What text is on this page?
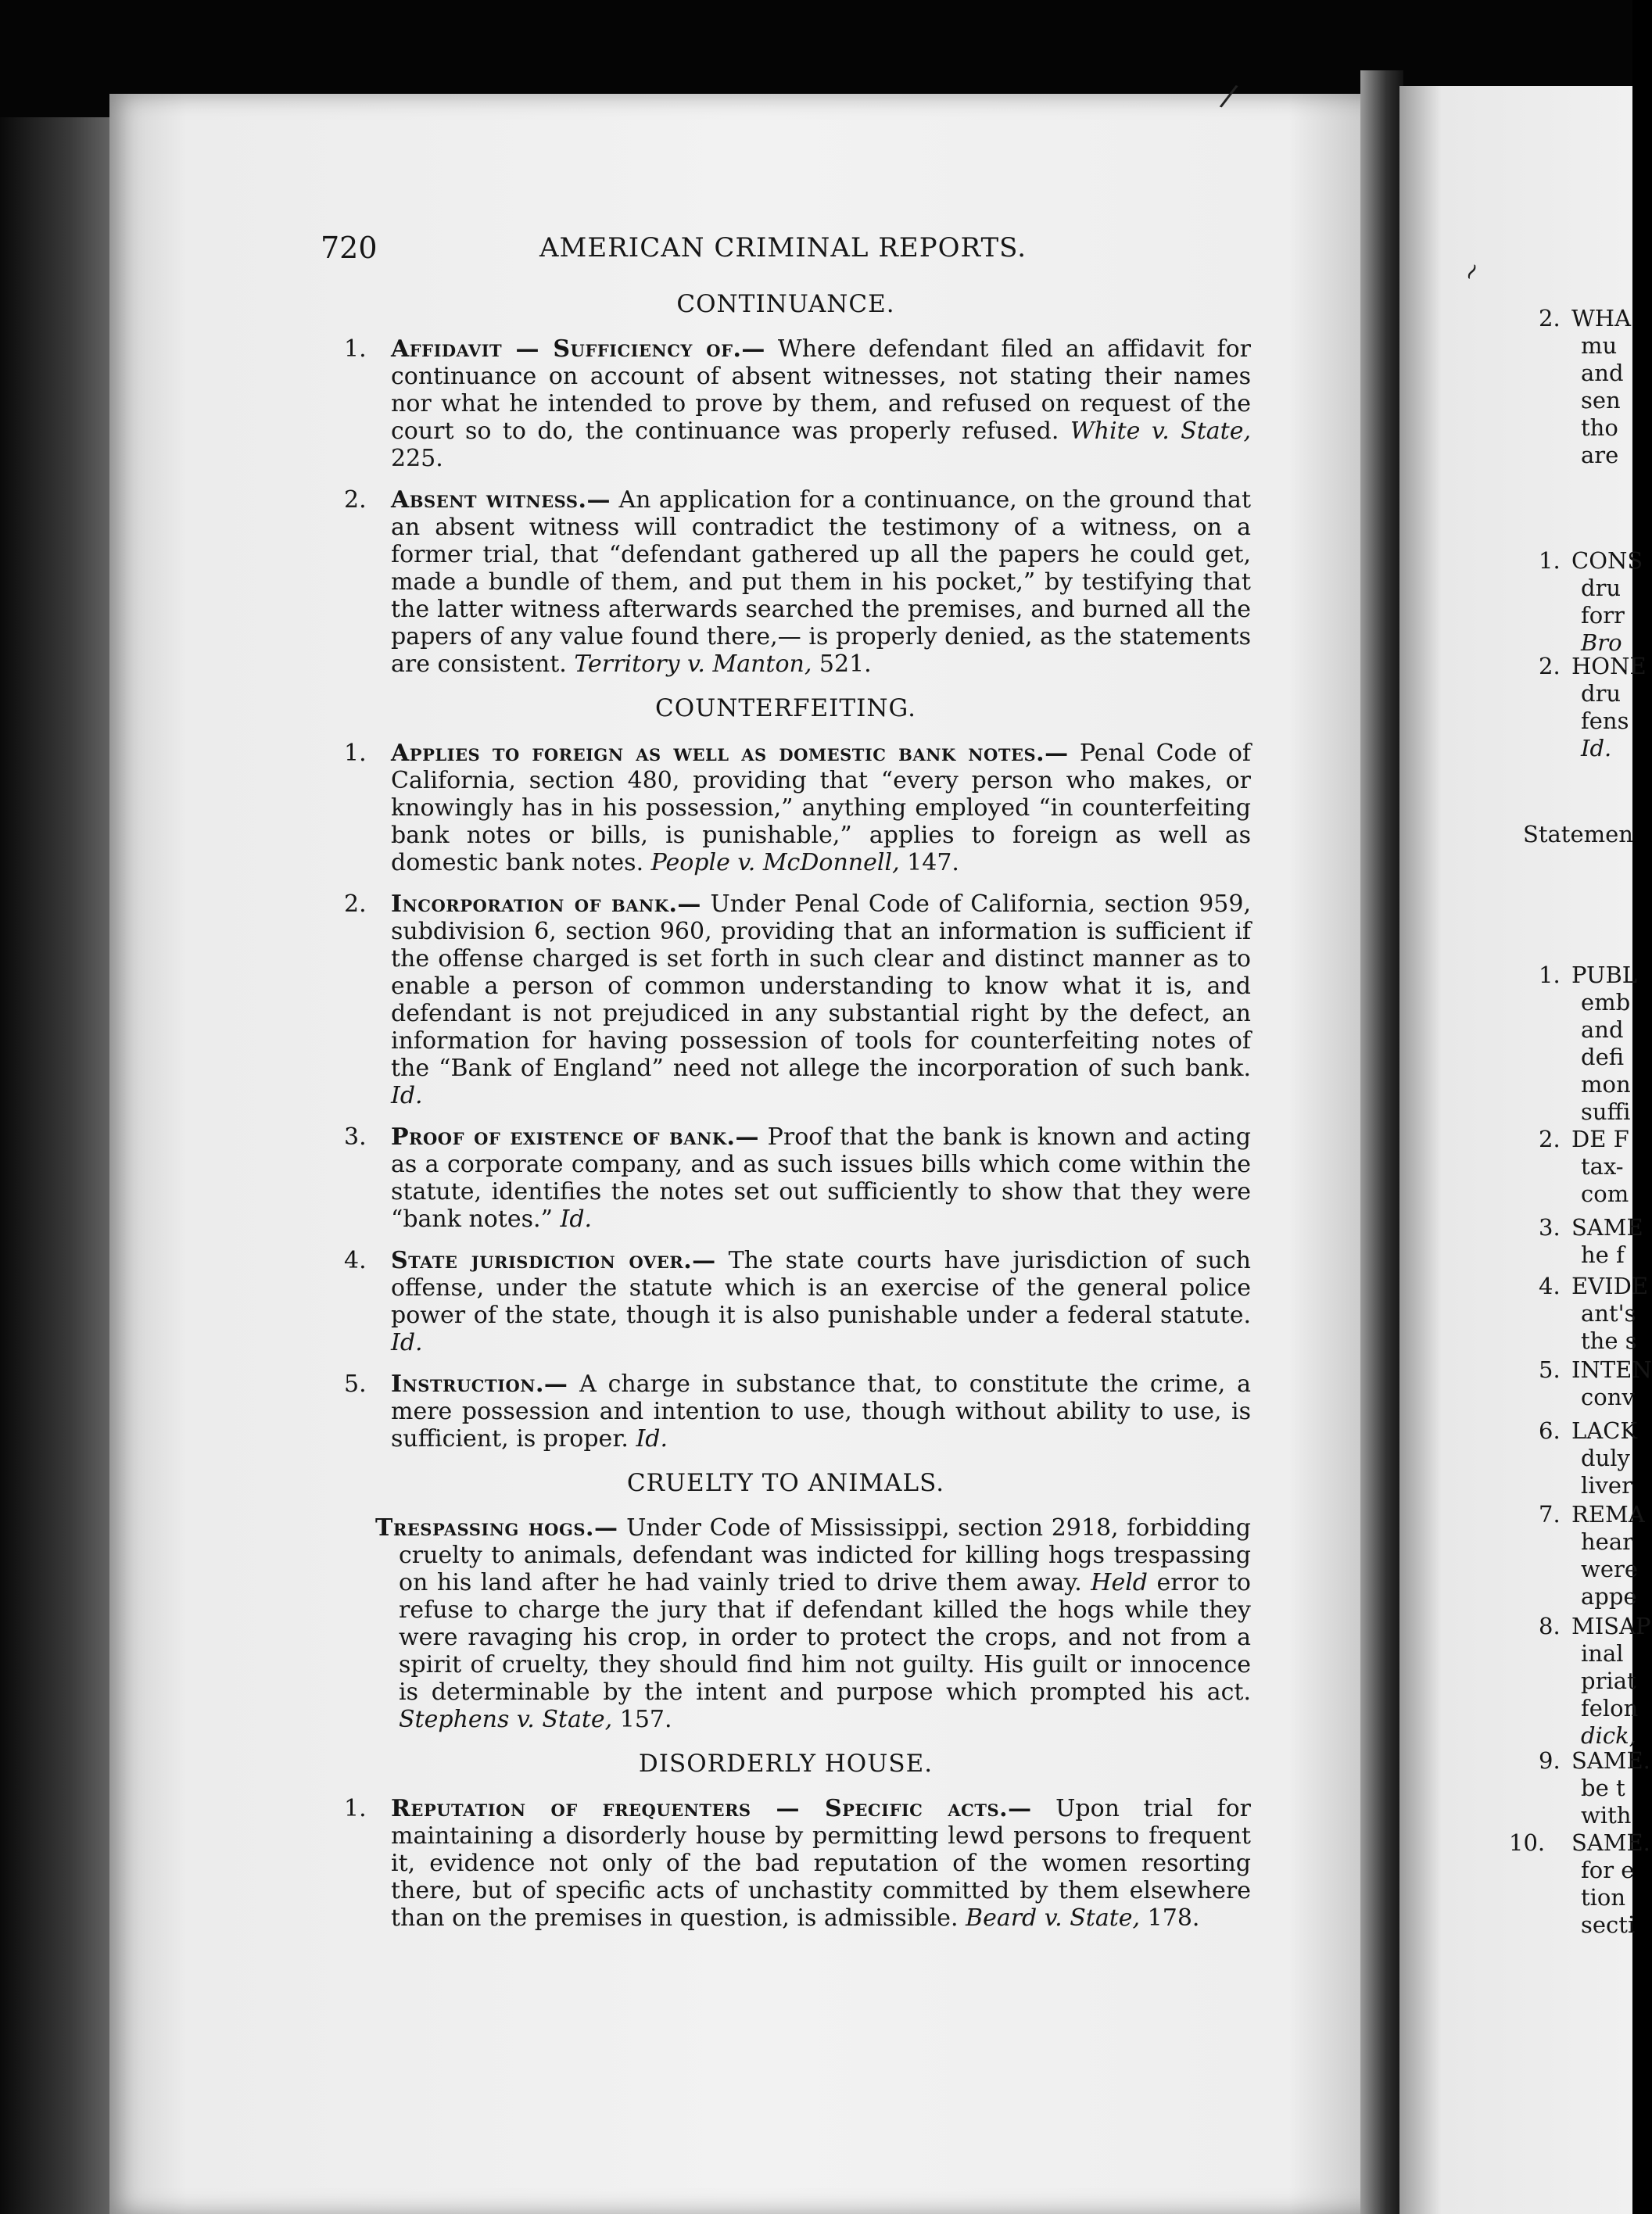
/
~
720	AMERICAN CRIMINAL REPORTS.
CONTINUANCE.
1. Affidavit — Sufficiency of.— Where defendant filed an affidavit for continuance on account of absent witnesses, not stating their names nor what he intended to prove by them, and refused on request of the court so to do, the continuance was properly refused. White v. State, 225.
2. Absent witness.— An application for a continuance, on the ground that an absent witness will contradict the testimony of a witness, on a former trial, that “defendant gathered up all the papers he could get, made a bundle of them, and put them in his pocket,” by testifying that the latter witness afterwards searched the premises, and burned all the papers of any value found there,— is properly denied, as the statements are consistent. Territory v. Manton, 521.
COUNTERFEITING.
1. Applies to foreign as well as domestic bank notes.— Penal Code of California, section 480, providing that “every person who makes, or knowingly has in his possession,” anything employed “in counterfeiting bank notes or bills, is punishable,” applies to foreign as well as domestic bank notes. People v. McDonnell, 147.
2. Incorporation of bank.— Under Penal Code of California, section 959, subdivision 6, section 960, providing that an information is sufficient if the offense charged is set forth in such clear and distinct manner as to enable a person of common understanding to know what it is, and defendant is not prejudiced in any substantial right by the defect, an information for having possession of tools for counterfeiting notes of the “Bank of England” need not allege the incorporation of such bank. Id.
3. Proof of existence of bank.— Proof that the bank is known and acting as a corporate company, and as such issues bills which come within the statute, identifies the notes set out sufficiently to show that they were “bank notes.” Id.
4. State jurisdiction over.— The state courts have jurisdiction of such offense, under the statute which is an exercise of the general police power of the state, though it is also punishable under a federal statute. Id.
5. Instruction.— A charge in substance that, to constitute the crime, a mere possession and intention to use, though without ability to use, is sufficient, is proper. Id.
CRUELTY TO ANIMALS.
Trespassing hogs.— Under Code of Mississippi, section 2918, forbidding cruelty to animals, defendant was indicted for killing hogs trespassing on his land after he had vainly tried to drive them away. Held error to refuse to charge the jury that if defendant killed the hogs while they were ravaging his crop, in order to protect the crops, and not from a spirit of cruelty, they should find him not guilty. His guilt or innocence is determinable by the intent and purpose which prompted his act. Stephens v. State, 157.
DISORDERLY HOUSE.
1. Reputation of frequenters — Specific acts.— Upon trial for maintaining a disorderly house by permitting lewd persons to frequent it, evidence not only of the bad reputation of the women resorting there, but of specific acts of unchastity committed by them elsewhere than on the premises in question, is admissible. Beard v. State, 178.
2. WHA
mu
and
sen
tho
are
1. CONS
dru
forr
Bro
2. HONE
dru
fens
Id.
Statemen
1. PUBL
emb
and
defi
mon
suffi
2. DE F
tax-
com
3. SAME
he f
4. EVIDE
ant's
the s
5. INTEN
conv
6. LACK
duly
liver
7. REMA
hear
were
appe
8. MISAP
inal
priat
felon
dick,
9. SAME.
be t
with
10. SAME.
for e
tion
secti
